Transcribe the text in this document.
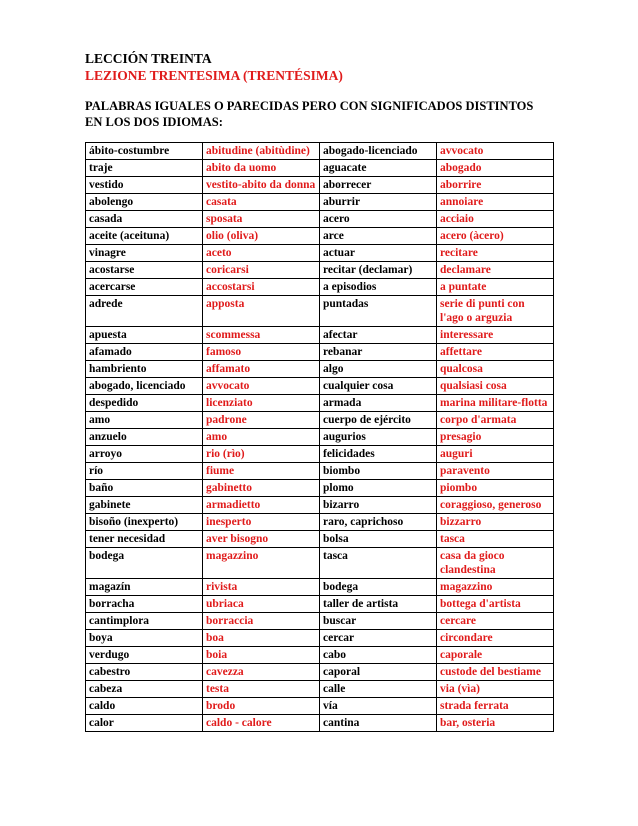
LECCIÓN TREINTA

LEZIONE TRENTESIMA (TRENTÉSIMA)

PALABRAS IGUALES O PARECIDAS PERO CON SIGNIFICADOS DISTINTOS
EN LOS DOS IDIOMAS:

ábito-costumbre	abitudine (abitùdine)	abogado-licenciado	avvocato
traje	abito da uomo	aguacate	abogado
vestido	vestito-abito da donna	aborrecer	aborrire
abolengo	casata	aburrir	annoiare
casada	sposata	acero	acciaio
aceite (aceituna)	olio (oliva)	arce	acero (àcero)
vinagre	aceto	actuar	recitare
acostarse	coricarsi	recitar (declamar)	declamare
acercarse	accostarsi	a episodios	a puntate
adrede	apposta	puntadas	serie di punti con l'ago o arguzia
apuesta	scommessa	afectar	interessare
afamado	famoso	rebanar	affettare
hambriento	affamato	algo	qualcosa
abogado, licenciado	avvocato	cualquier cosa	qualsiasi cosa
despedido	licenziato	armada	marina militare-flotta
amo	padrone	cuerpo de ejército	corpo d'armata
anzuelo	amo	augurios	presagio
arroyo	rio (rìo)	felicidades	auguri
río	fiume	biombo	paravento
baño	gabinetto	plomo	piombo
gabinete	armadietto	bizarro	coraggioso, generoso
bisoño (inexperto)	inesperto	raro, caprichoso	bizzarro
tener necesidad	aver bisogno	bolsa	tasca
bodega	magazzino	tasca	casa da gioco clandestina
magazín	rivista	bodega	magazzino
borracha	ubriaca	taller de artista	bottega d'artista
cantimplora	borraccia	buscar	cercare
boya	boa	cercar	circondare
verdugo	boia	cabo	caporale
cabestro	cavezza	caporal	custode del bestiame
cabeza	testa	calle	via (vìa)
caldo	brodo	vía	strada ferrata
calor	caldo - calore	cantina	bar, osteria
